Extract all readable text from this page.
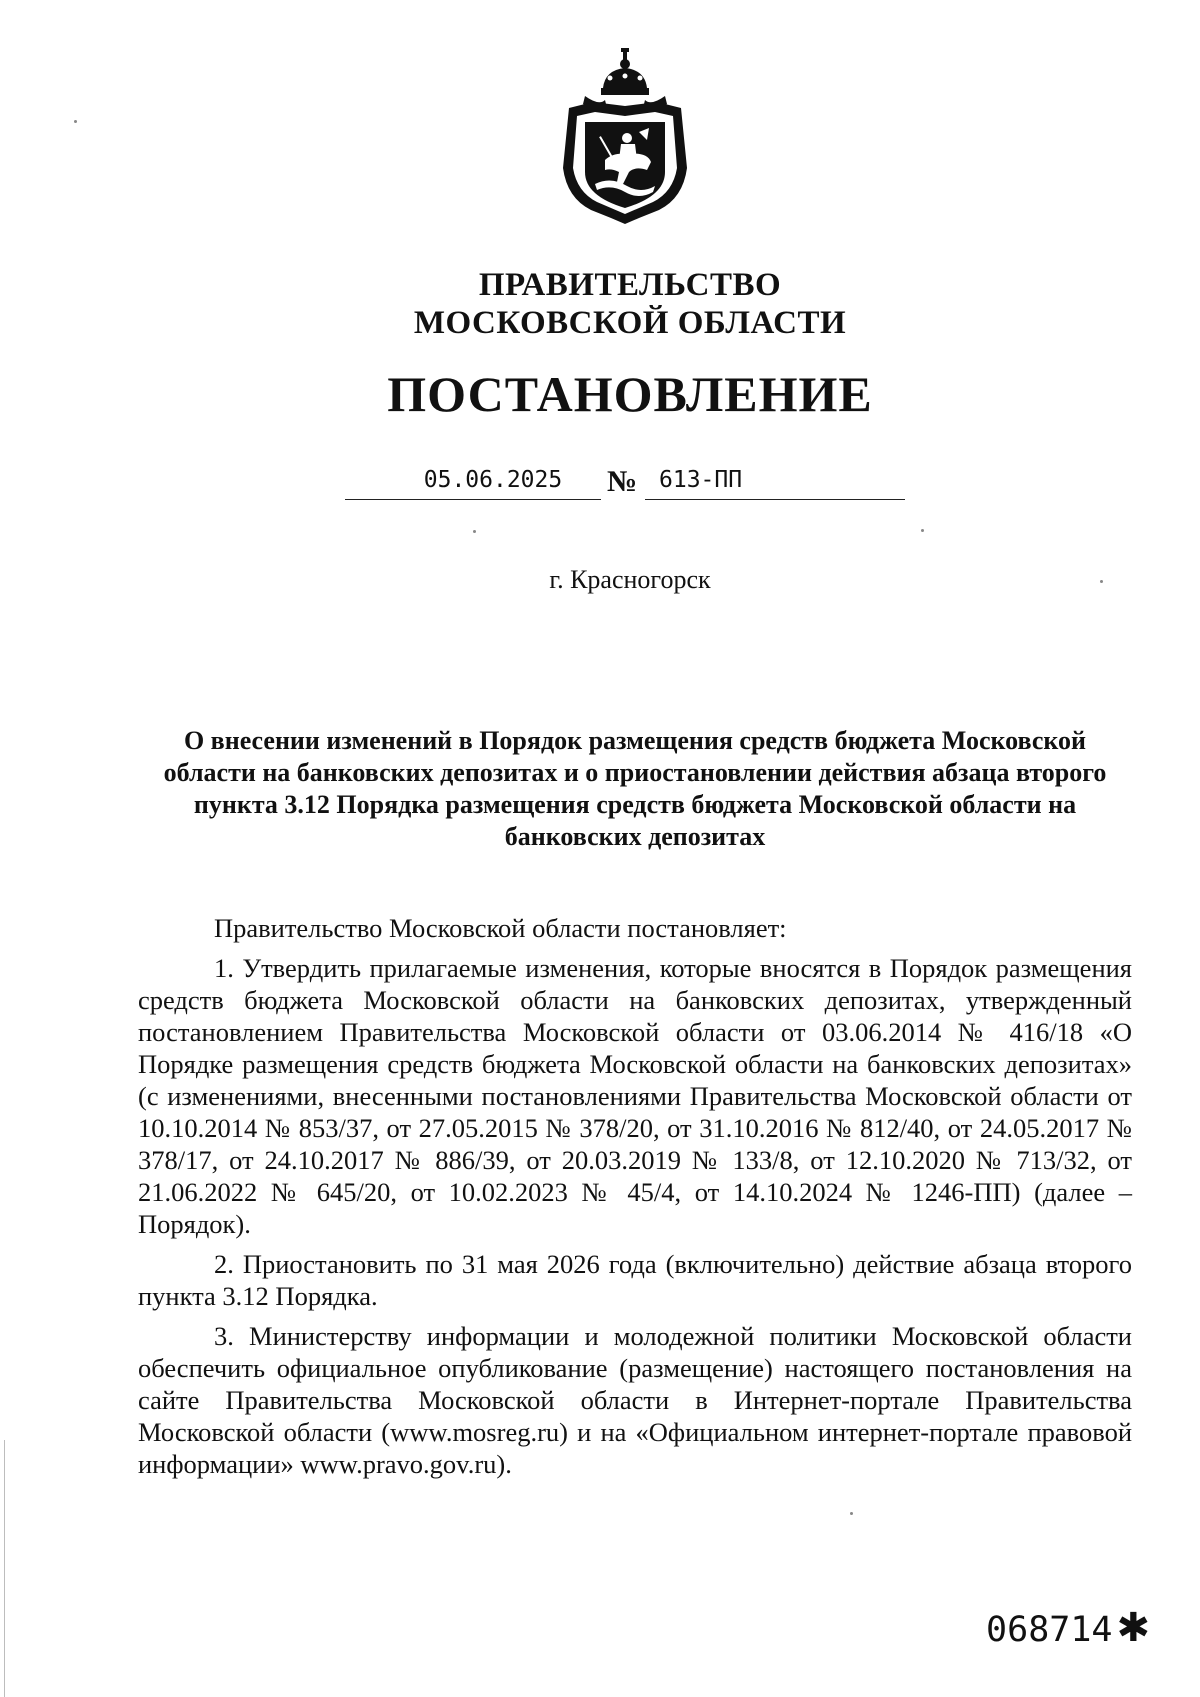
ПРАВИТЕЛЬСТВО
МОСКОВСКОЙ ОБЛАСТИ
ПОСТАНОВЛЕНИЕ
05.06.2025	№ 613-ПП
г. Красногорск
О внесении изменений в Порядок размещения средств бюджета Московской области на банковских депозитах и о приостановлении действия абзаца второго пункта 3.12 Порядка размещения средств бюджета Московской области на банковских депозитах

Правительство Московской области постановляет:

1. Утвердить прилагаемые изменения, которые вносятся в Порядок размещения средств бюджета Московской области на банковских депозитах, утвержденный постановлением Правительства Московской области от 03.06.2014 № 416/18 «О Порядке размещения средств бюджета Московской области на банковских депозитах» (с изменениями, внесенными постановлениями Правительства Московской области от 10.10.2014 № 853/37, от 27.05.2015 № 378/20, от 31.10.2016 № 812/40, от 24.05.2017 № 378/17, от 24.10.2017 № 886/39, от 20.03.2019 № 133/8, от 12.10.2020 № 713/32, от 21.06.2022 № 645/20, от 10.02.2023 № 45/4, от 14.10.2024 № 1246-ПП) (далее – Порядок).

2. Приостановить по 31 мая 2026 года (включительно) действие абзаца второго пункта 3.12 Порядка.

3. Министерству информации и молодежной политики Московской области обеспечить официальное опубликование (размещение) настоящего постановления на сайте Правительства Московской области в Интернет-портале Правительства Московской области (www.mosreg.ru) и на «Официальном интернет-портале правовой информации» www.pravo.gov.ru).

068714 ✱
